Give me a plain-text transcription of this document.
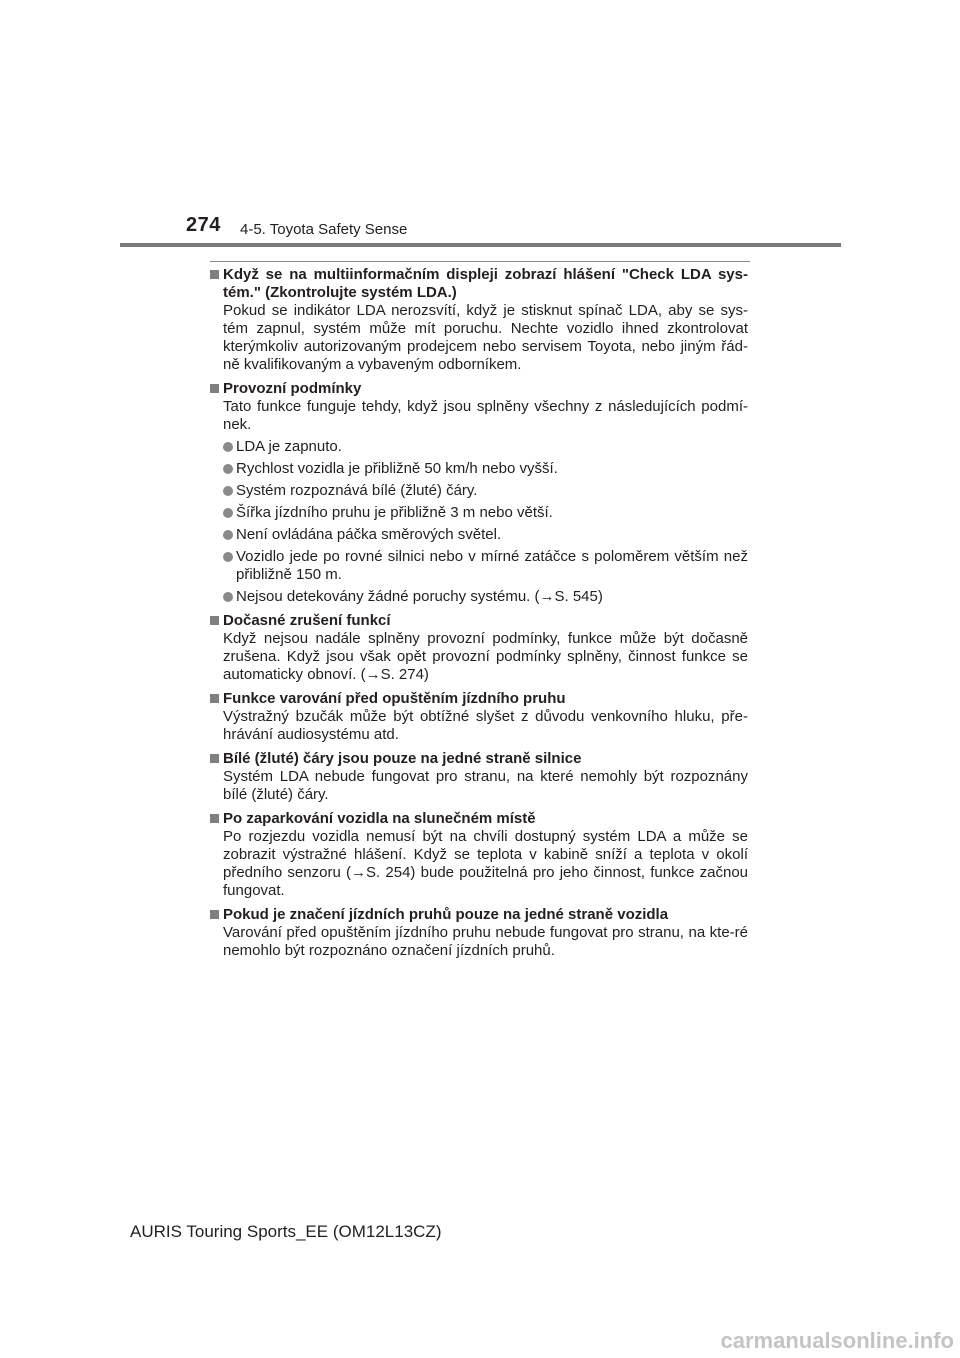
274 4-5. Toyota Safety Sense
Když se na multiinformačním displeji zobrazí hlášení "Check LDA sys-tém." (Zkontrolujte systém LDA.)
Pokud se indikátor LDA nerozsvítí, když je stisknut spínač LDA, aby se sys-tém zapnul, systém může mít poruchu. Nechte vozidlo ihned zkontrolovat kterýmkoliv autorizovaným prodejcem nebo servisem Toyota, nebo jiným řád-ně kvalifikovaným a vybaveným odborníkem.
Provozní podmínky
Tato funkce funguje tehdy, když jsou splněny všechny z následujících podmí-nek.
LDA je zapnuto.
Rychlost vozidla je přibližně 50 km/h nebo vyšší.
Systém rozpoznává bílé (žluté) čáry.
Šířka jízdního pruhu je přibližně 3 m nebo větší.
Není ovládána páčka směrových světel.
Vozidlo jede po rovné silnici nebo v mírné zatáčce s poloměrem větším než přibližně 150 m.
Nejsou detekovány žádné poruchy systému. (→S. 545)
Dočasné zrušení funkcí
Když nejsou nadále splněny provozní podmínky, funkce může být dočasně zrušena. Když jsou však opět provozní podmínky splněny, činnost funkce se automaticky obnoví. (→S. 274)
Funkce varování před opuštěním jízdního pruhu
Výstražný bzučák může být obtížné slyšet z důvodu venkovního hluku, pře-hrávání audiosystému atd.
Bílé (žluté) čáry jsou pouze na jedné straně silnice
Systém LDA nebude fungovat pro stranu, na které nemohly být rozpoznány bílé (žluté) čáry.
Po zaparkování vozidla na slunečném místě
Po rozjezdu vozidla nemusí být na chvíli dostupný systém LDA a může se zobrazit výstražné hlášení. Když se teplota v kabině sníží a teplota v okolí předního senzoru (→S. 254) bude použitelná pro jeho činnost, funkce začnou fungovat.
Pokud je značení jízdních pruhů pouze na jedné straně vozidla
Varování před opuštěním jízdního pruhu nebude fungovat pro stranu, na kte-ré nemohlo být rozpoznáno označení jízdních pruhů.
AURIS Touring Sports_EE (OM12L13CZ)
carmanualsonline.info
